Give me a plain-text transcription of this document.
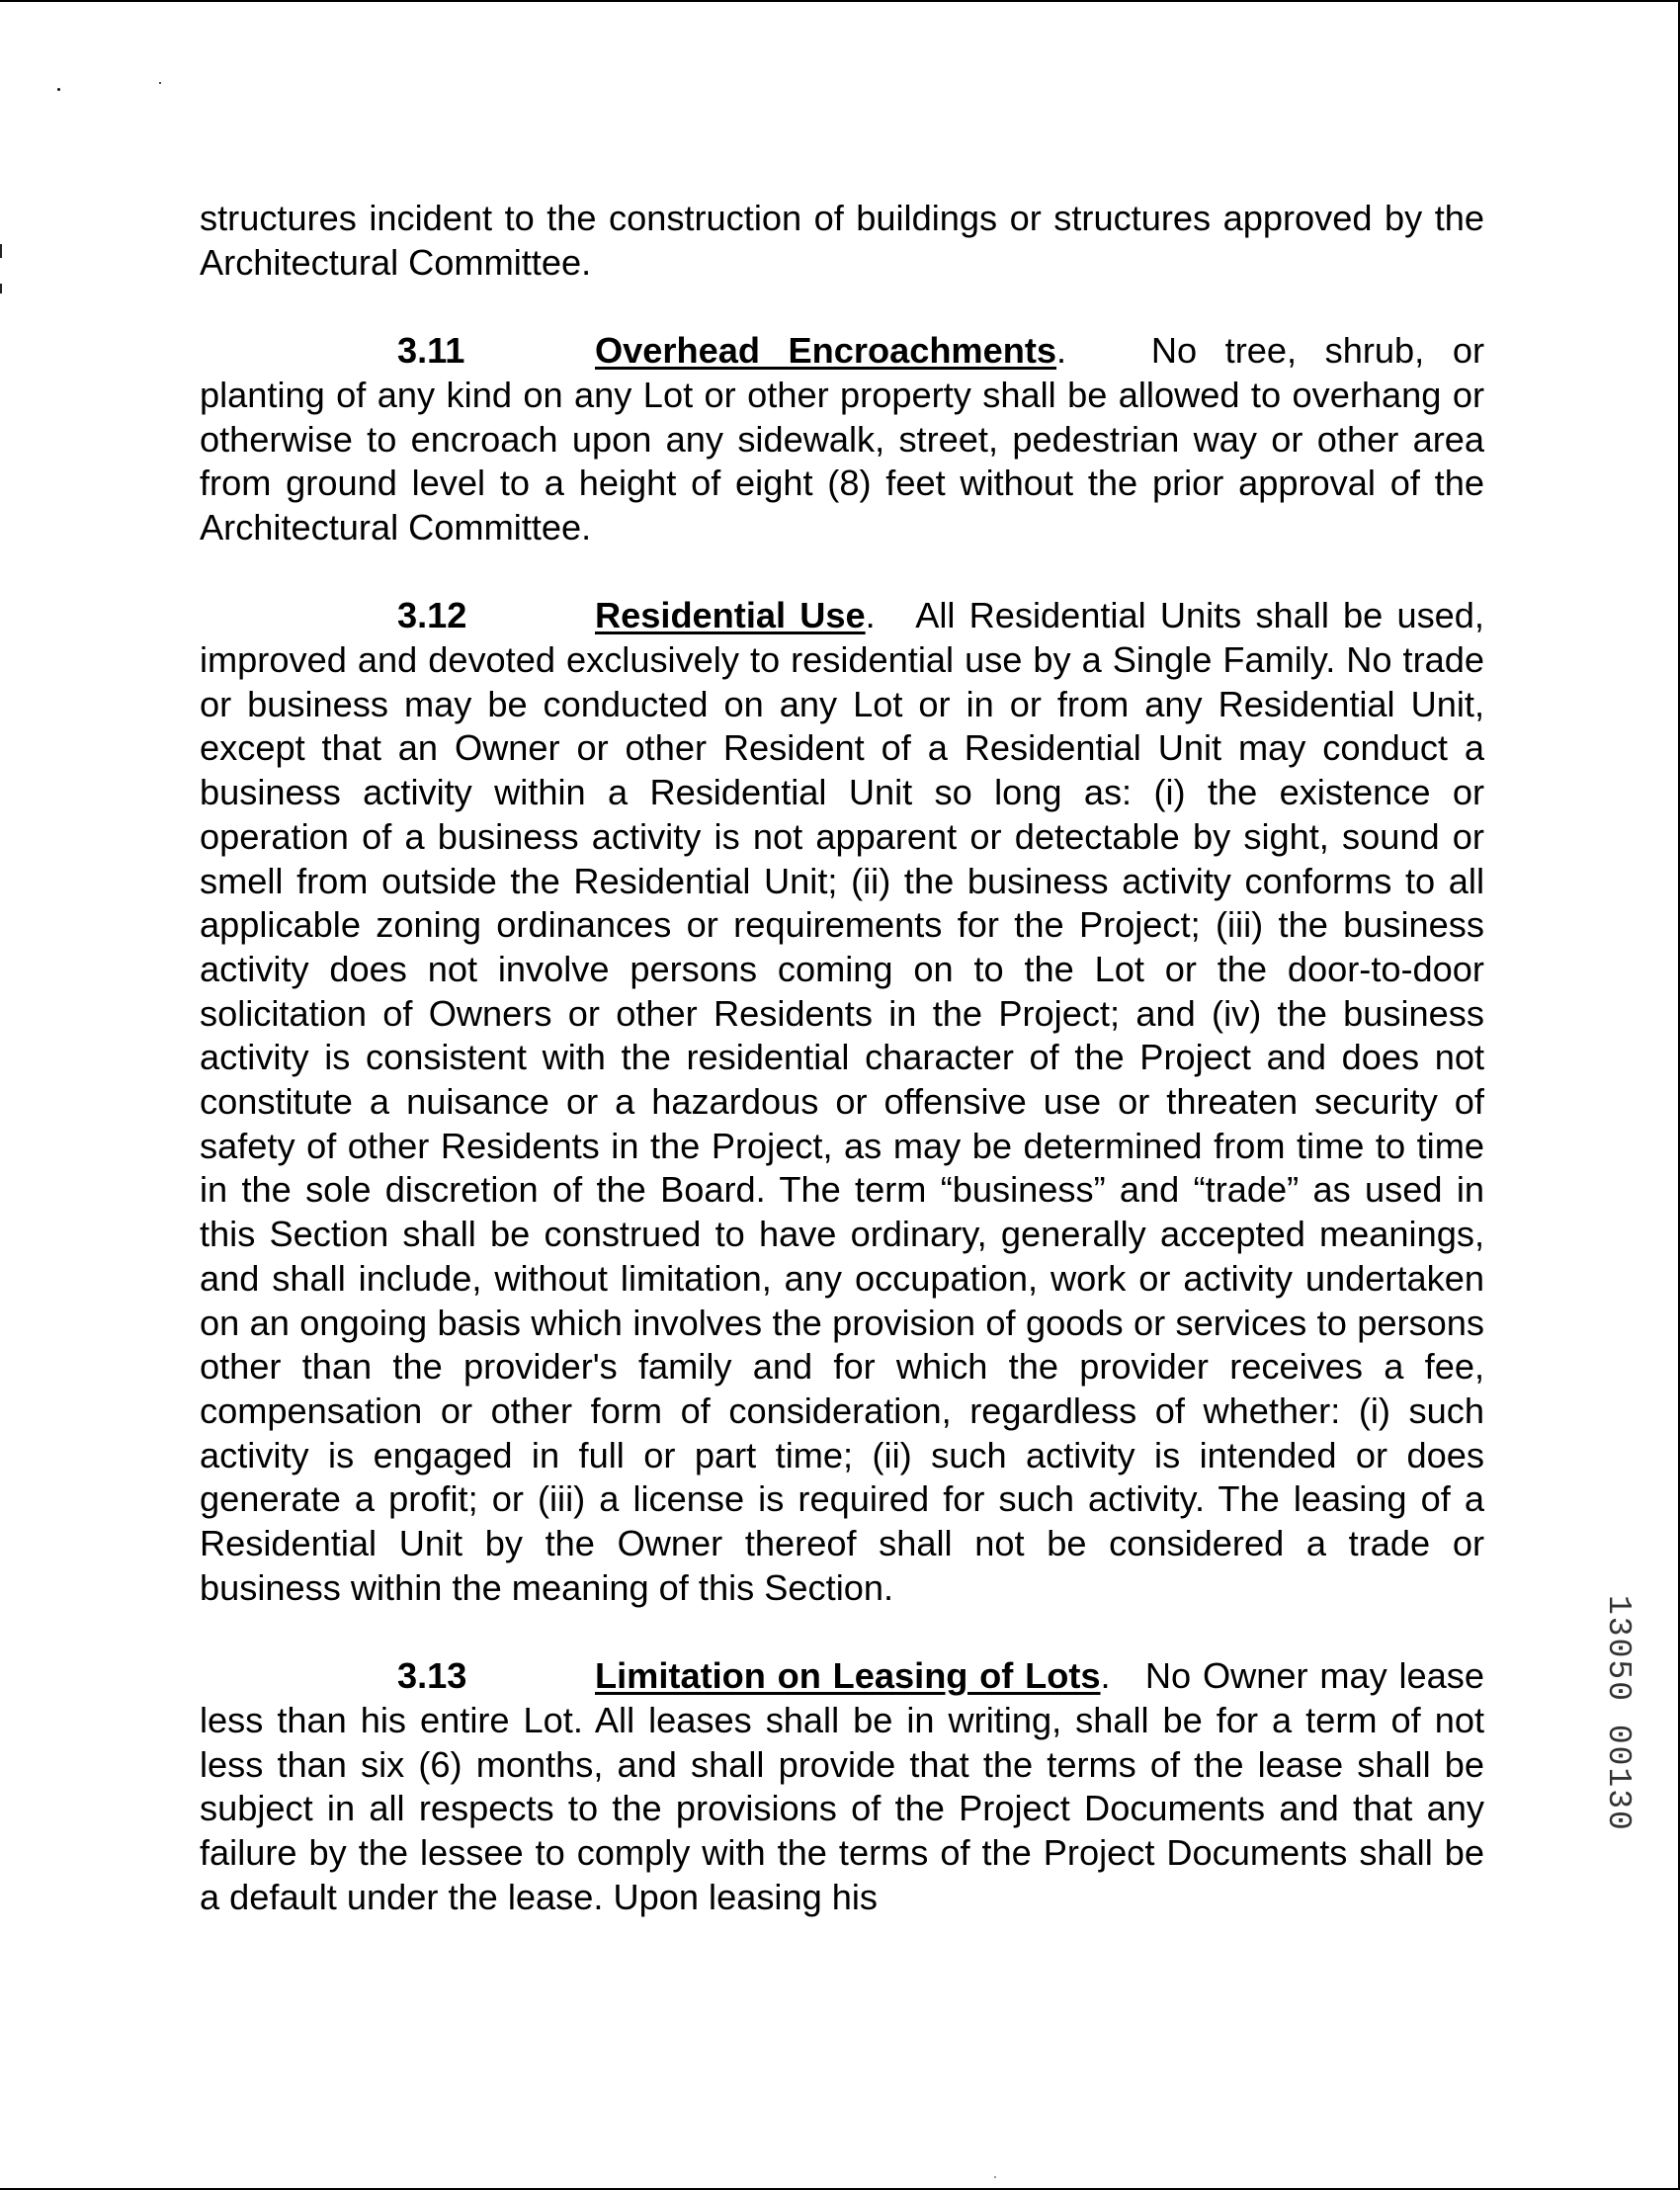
structures incident to the construction of buildings or structures approved by the Architectural Committee.

3.11	Overhead Encroachments.   No tree, shrub, or planting of any kind on any Lot or other property shall be allowed to overhang or otherwise to encroach upon any sidewalk, street, pedestrian way or other area from ground level to a height of eight (8) feet without the prior approval of the Architectural Committee.

3.12	Residential Use.   All Residential Units shall be used, improved and devoted exclusively to residential use by a Single Family. No trade or business may be conducted on any Lot or in or from any Residential Unit, except that an Owner or other Resident of a Residential Unit may conduct a business activity within a Residential Unit so long as: (i) the existence or operation of a business activity is not apparent or detectable by sight, sound or smell from outside the Residential Unit; (ii) the business activity conforms to all applicable zoning ordinances or requirements for the Project; (iii) the business activity does not involve persons coming on to the Lot or the door-to-door solicitation of Owners or other Residents in the Project; and (iv) the business activity is consistent with the residential character of the Project and does not constitute a nuisance or a hazardous or offensive use or threaten security of safety of other Residents in the Project, as may be determined from time to time in the sole discretion of the Board. The term “business” and “trade” as used in this Section shall be construed to have ordinary, generally accepted meanings, and shall include, without limitation, any occupation, work or activity undertaken on an ongoing basis which involves the provision of goods or services to persons other than the provider's family and for which the provider receives a fee, compensation or other form of consideration, regardless of whether: (i) such activity is engaged in full or part time; (ii) such activity is intended or does generate a profit; or (iii) a license is required for such activity. The leasing of a Residential Unit by the Owner thereof shall not be considered a trade or business within the meaning of this Section.

3.13	Limitation on Leasing of Lots.   No Owner may lease less than his entire Lot. All leases shall be in writing, shall be for a term of not less than six (6) months, and shall provide that the terms of the lease shall be subject in all respects to the provisions of the Project Documents and that any failure by the lessee to comply with the terms of the Project Documents shall be a default under the lease. Upon leasing his

13050 00130
